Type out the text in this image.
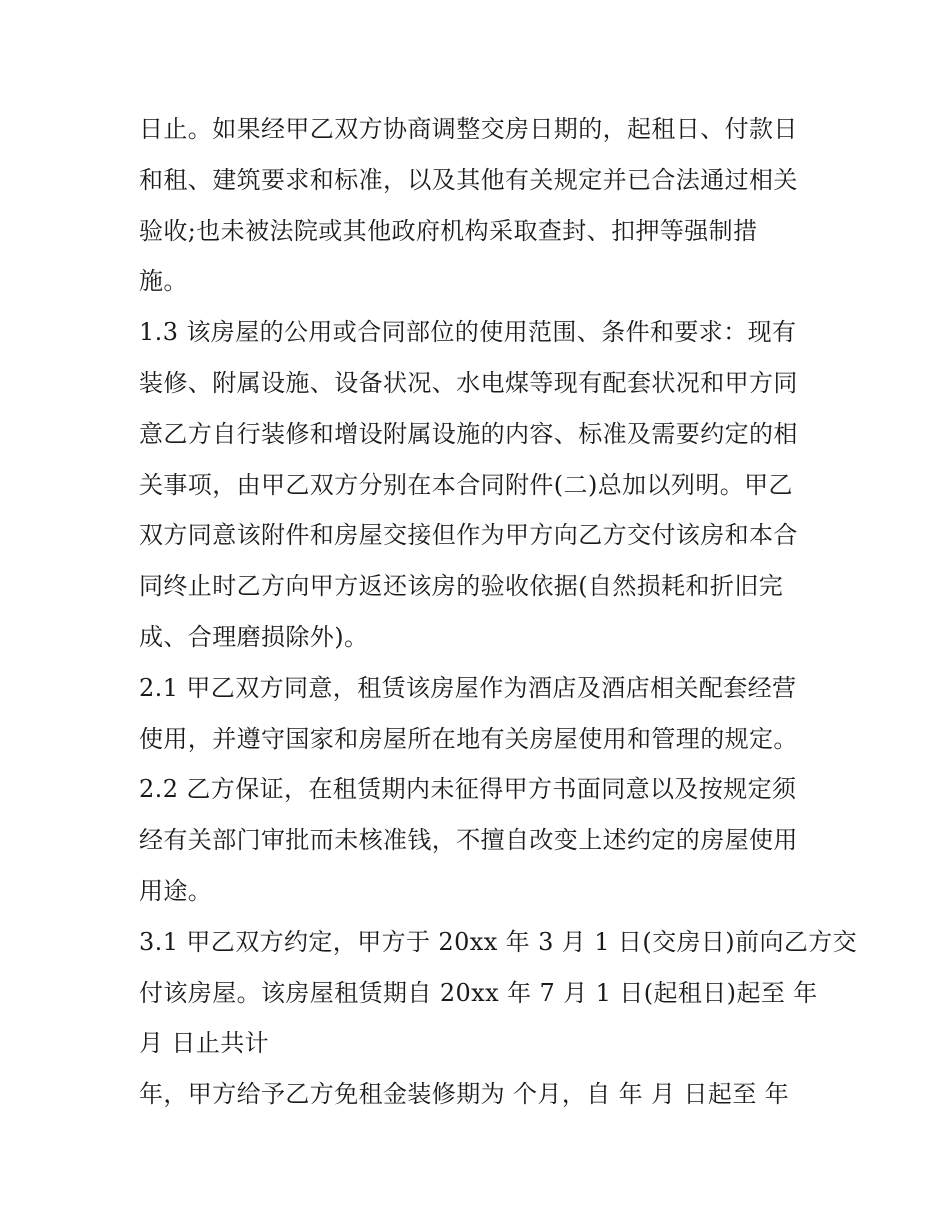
日止。如果经甲乙双方协商调整交房日期的，起租日、付款日
和租、建筑要求和标准，以及其他有关规定并已合法通过相关
验收;也未被法院或其他政府机构采取查封、扣押等强制措
施。
1.3 该房屋的公用或合同部位的使用范围、条件和要求：现有
装修、附属设施、设备状况、水电煤等现有配套状况和甲方同
意乙方自行装修和增设附属设施的内容、标准及需要约定的相
关事项，由甲乙双方分别在本合同附件(二)总加以列明。甲乙
双方同意该附件和房屋交接但作为甲方向乙方交付该房和本合
同终止时乙方向甲方返还该房的验收依据(自然损耗和折旧完
成、合理磨损除外)。
2.1 甲乙双方同意，租赁该房屋作为酒店及酒店相关配套经营
使用，并遵守国家和房屋所在地有关房屋使用和管理的规定。
2.2 乙方保证，在租赁期内未征得甲方书面同意以及按规定须
经有关部门审批而未核准钱，不擅自改变上述约定的房屋使用
用途。
3.1 甲乙双方约定，甲方于 20xx 年 3 月 1 日(交房日)前向乙方交
付该房屋。该房屋租赁期自 20xx 年 7 月 1 日(起租日)起至 年
月 日止共计
年，甲方给予乙方免租金装修期为 个月，自 年 月 日起至 年
